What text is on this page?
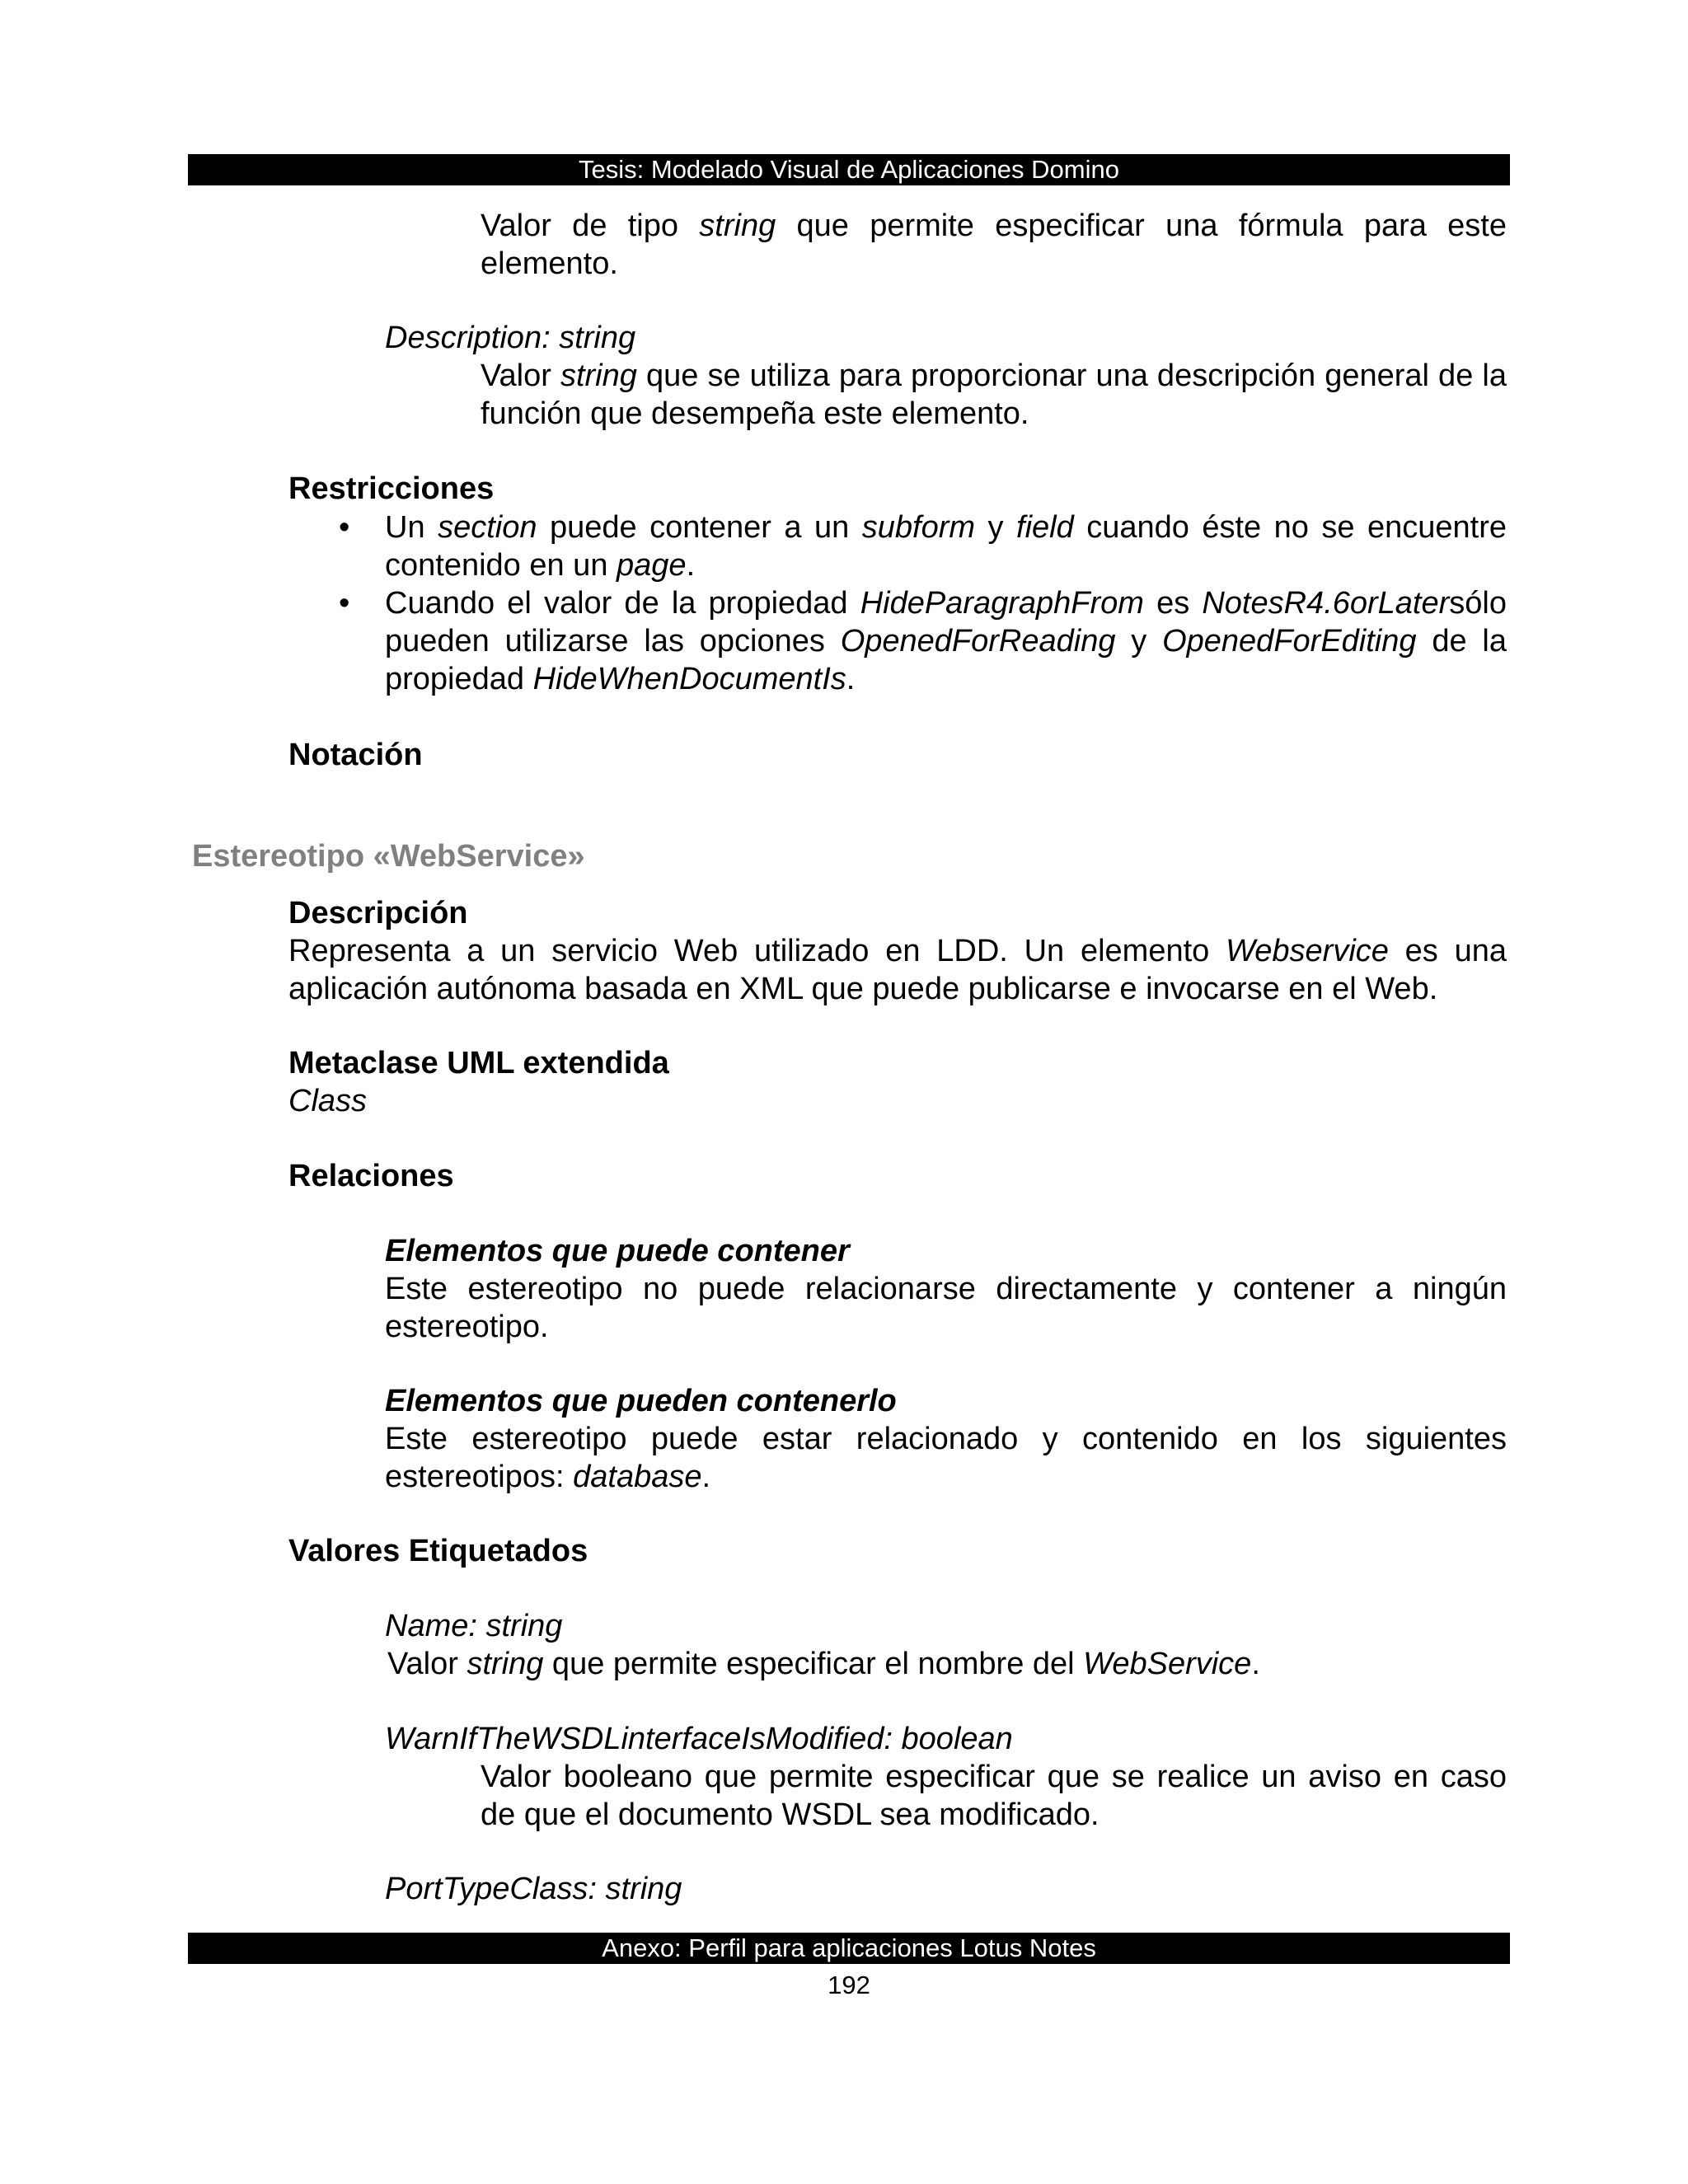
Tesis: Modelado Visual de Aplicaciones Domino

Valor de tipo string que permite especificar una fórmula para este elemento.

Description: string

Valor string que se utiliza para proporcionar una descripción general de la función que desempeña este elemento.

Restricciones

• Un section puede contener a un subform y field cuando éste no se encuentre contenido en un page.
• Cuando el valor de la propiedad HideParagraphFrom es NotesR4.6orLatersólo pueden utilizarse las opciones OpenedForReading y OpenedForEditing de la propiedad HideWhenDocumentIs.

Notación

Estereotipo «WebService»

Descripción

Representa a un servicio Web utilizado en LDD. Un elemento Webservice es una aplicación autónoma basada en XML que puede publicarse e invocarse en el Web.

Metaclase UML extendida

Class

Relaciones

Elementos que puede contener

Este estereotipo no puede relacionarse directamente y contener a ningún estereotipo.

Elementos que pueden contenerlo

Este estereotipo puede estar relacionado y contenido en los siguientes estereotipos: database.

Valores Etiquetados

Name: string

Valor string que permite especificar el nombre del WebService.

WarnIfTheWSDLinterfaceIsModified: boolean

Valor booleano que permite especificar que se realice un aviso en caso de que el documento WSDL sea modificado.

PortTypeClass: string

Anexo: Perfil para aplicaciones Lotus Notes
192
